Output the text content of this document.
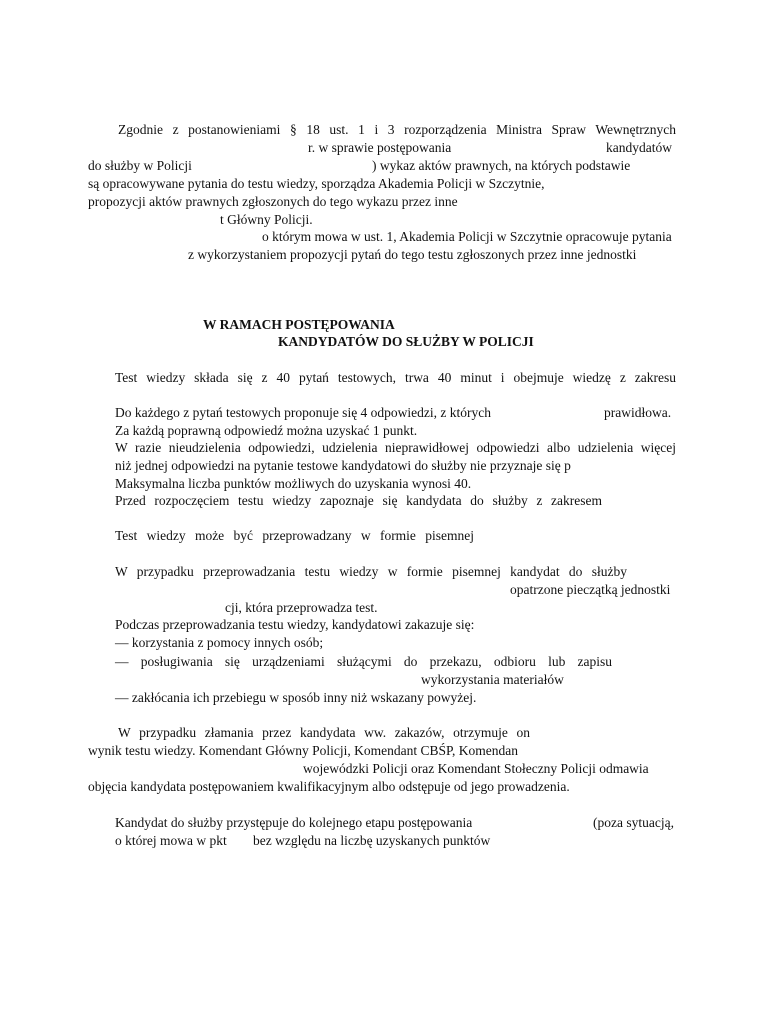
Zgodnie z postanowieniami § 18 ust. 1 i 3 rozporządzenia Ministra Spraw Wewnętrznych
r. w sprawie postępowania	kandydatów
do służby w Policji	) wykaz aktów prawnych, na których podstawie
są opracowywane pytania do testu wiedzy, sporządza Akademia Policji w Szczytnie,
propozycji aktów prawnych zgłoszonych do tego wykazu przez inne
t Główny Policji.
o którym mowa w ust. 1, Akademia Policji w Szczytnie opracowuje pytania
z wykorzystaniem propozycji pytań do tego testu zgłoszonych przez inne jednostki
W RAMACH POSTĘPOWANIA
KANDYDATÓW DO SŁUŻBY W POLICJI
Test wiedzy składa się z 40 pytań testowych, trwa 40 minut i obejmuje wiedzę z zakresu
Do każdego z pytań testowych proponuje się 4 odpowiedzi, z których	prawidłowa.
Za każdą poprawną odpowiedź można uzyskać 1 punkt.
W razie nieudzielenia odpowiedzi, udzielenia nieprawidłowej odpowiedzi albo udzielenia więcej
niż jednej odpowiedzi na pytanie testowe kandydatowi do służby nie przyznaje się p
Maksymalna liczba punktów możliwych do uzyskania wynosi 40.
Przed rozpoczęciem testu wiedzy zapoznaje się kandydata do służby z zakresem
Test wiedzy może być przeprowadzany w formie pisemnej
W przypadku przeprowadzania testu wiedzy w formie pisemnej kandydat do służby
opatrzone pieczątką jednostki
cji, która przeprowadza test.
Podczas przeprowadzania testu wiedzy, kandydatowi zakazuje się:
— korzystania z pomocy innych osób;
— posługiwania się urządzeniami służącymi do przekazu, odbioru lub zapisu
wykorzystania materiałów
— zakłócania ich przebiegu w sposób inny niż wskazany powyżej.
W przypadku złamania przez kandydata ww. zakazów, otrzymuje on
wynik testu wiedzy. Komendant Główny Policji, Komendant CBŚP, Komendan
wojewódzki Policji oraz Komendant Stołeczny Policji odmawia
objęcia kandydata postępowaniem kwalifikacyjnym albo odstępuje od jego prowadzenia.
Kandydat do służby przystępuje do kolejnego etapu postępowania	(poza sytuacją,
o której mowa w pkt bez względu na liczbę uzyskanych punktów
